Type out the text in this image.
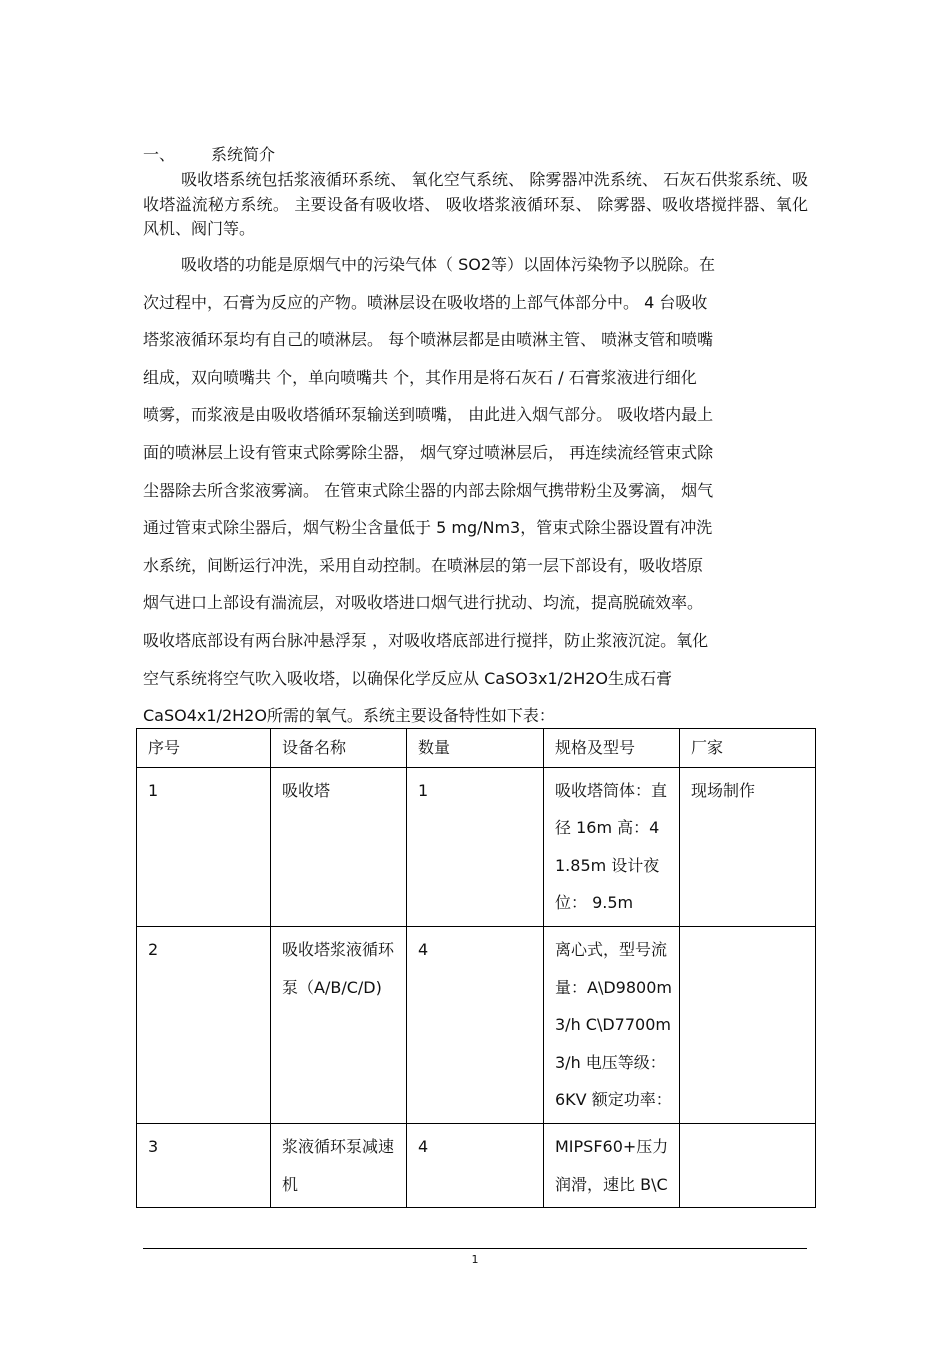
一、 系统简介
吸收塔系统包括浆液循环系统、 氧化空气系统、 除雾器冲洗系统、 石灰石供浆系统、吸收塔溢流秘方系统。 主要设备有吸收塔、 吸收塔浆液循环泵、 除雾器、吸收塔搅拌器、氧化风机、阀门等。
吸收塔的功能是原烟气中的污染气体（ SO2等）以固体污染物予以脱除。在
次过程中，石膏为反应的产物。喷淋层设在吸收塔的上部气体部分中。 4 台吸收
塔浆液循环泵均有自己的喷淋层。 每个喷淋层都是由喷淋主管、 喷淋支管和喷嘴
组成，双向喷嘴共 个，单向喷嘴共 个，其作用是将石灰石 / 石膏浆液进行细化
喷雾，而浆液是由吸收塔循环泵输送到喷嘴， 由此进入烟气部分。 吸收塔内最上
面的喷淋层上设有管束式除雾除尘器， 烟气穿过喷淋层后， 再连续流经管束式除
尘器除去所含浆液雾滴。 在管束式除尘器的内部去除烟气携带粉尘及雾滴， 烟气
通过管束式除尘器后，烟气粉尘含量低于 5 mg/Nm3，管束式除尘器设置有冲洗
水系统，间断运行冲洗，采用自动控制。在喷淋层的第一层下部设有，吸收塔原
烟气进口上部设有湍流层，对吸收塔进口烟气进行扰动、均流，提高脱硫效率。
吸收塔底部设有两台脉冲悬浮泵 ，对吸收塔底部进行搅拌，防止浆液沉淀。氧化
空气系统将空气吹入吸收塔，以确保化学反应从 CaSO3x1/2H2O生成石膏
CaSO4x1/2H2O所需的氧气。系统主要设备特性如下表：
序号	设备名称	数量	规格及型号	厂家
1	吸收塔	1	吸收塔筒体：直径 16m 高：41.85m 设计夜位： 9.5m	现场制作
2	吸收塔浆液循环泵（A/B/C/D)	4	离心式，型号流量：A\D9800m3/h C\D7700m3/h 电压等级： 6KV 额定功率：	
3	浆液循环泵减速机	4	MIPSF60+压力润滑，速比 B\C	
1
